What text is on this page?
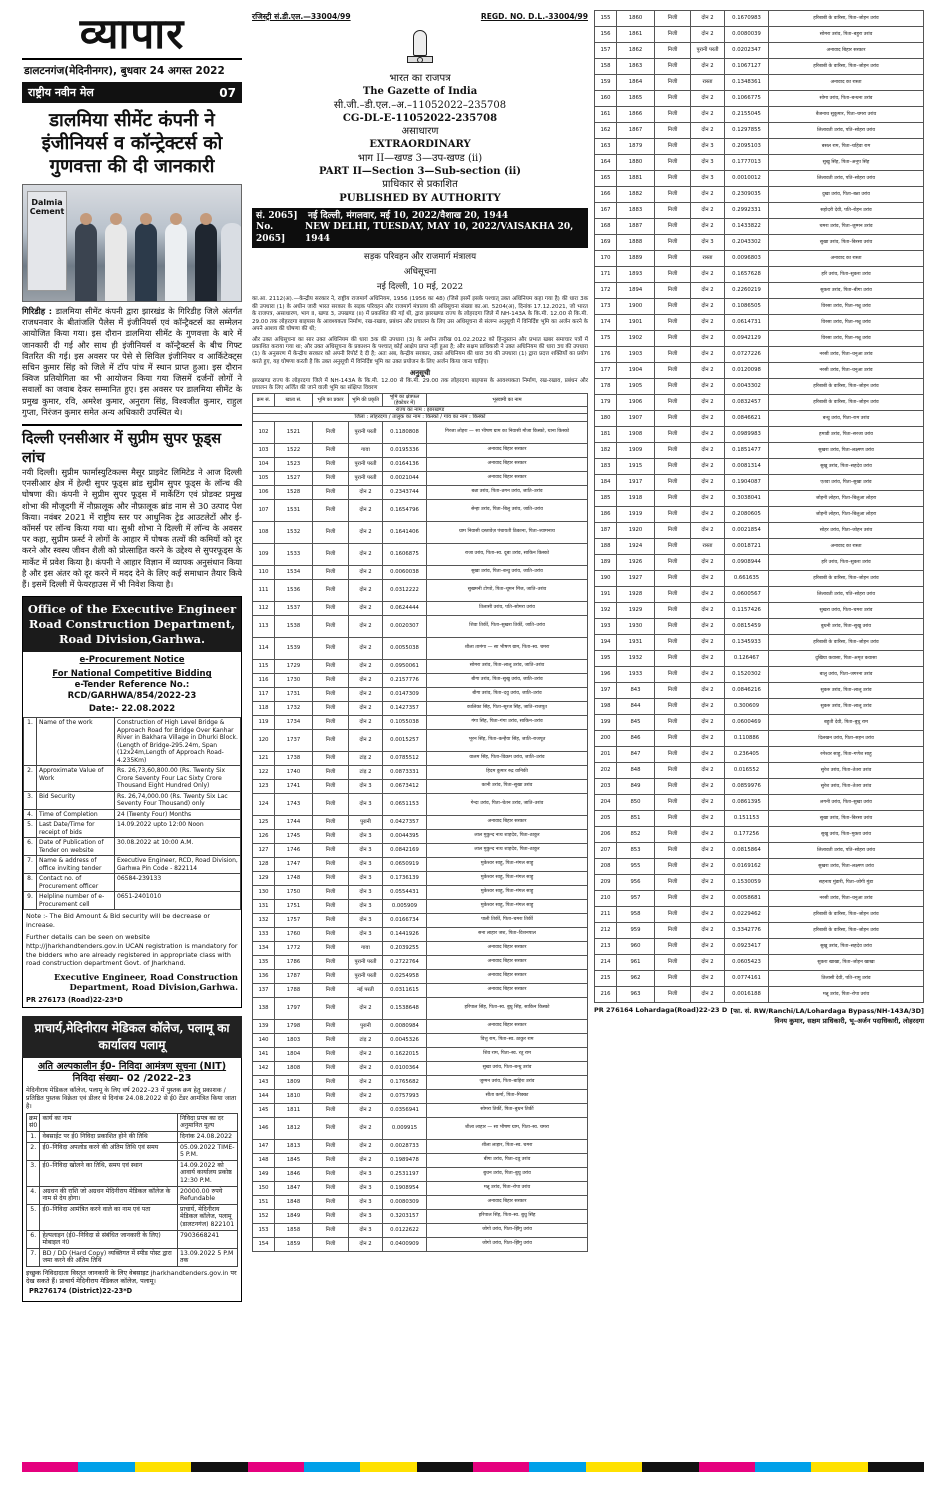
व्यापार
डालटनगंज(मेदिनीनगर), बुधवार 24 अगस्त 2022
राष्ट्रीय नवीन मेल	07
डालमिया सीमेंट कंपनी ने इंजीनियर्स व कॉन्ट्रेक्टर्स को गुणवत्ता की दी जानकारी
Dalmia Cement
गिरिडीह : डालमिया सीमेंट कंपनी द्वारा झारखंड के गिरिडीह जिले अंतर्गत राजधनवार के बीतांजलि पैलेस में इंजीनियर्स एवं कॉन्ट्रैक्टर्स का सम्मेलन आयोजित किया गया। इस दौरान डालमिया सीमेंट के गुणवत्ता के बारे में जानकारी दी गई और साथ ही इंजीनियर्स व कॉन्ट्रैक्टर्स के बीच गिफ्ट वितरित की गई। इस अवसर पर पेसे से सिविल इंजीनियर व आर्किटेक्ट्स सचिन कुमार सिंह को जिले में टॉप पांच में स्थान प्राप्त हुआ। इस दौरान क्विज प्रतियोगिता का भी आयोजन किया गया जिसमें दर्जनों लोगों ने सवालों का जवाब देकर सम्मानित हुए। इस अवसर पर डालमिया सीमेंट के प्रमुख कुमार, रवि, अमरेश कुमार, अनुराग सिंह, विश्वजीत कुमार, राहुल गुप्ता, निरंजन कुमार समेत अन्य अधिकारी उपस्थित थे।
दिल्ली एनसीआर में सुप्रीम सुपर फूड्स लांच
नयी दिल्ली। सुप्रीम फार्मास्युटिकल्स मैसूर प्राइवेट लिमिटेड ने आज दिल्ली एनसीआर क्षेत्र में हेल्दी सुपर फूड्स ब्रांड सुप्रीम सुपर फूड्स के लॉन्च की घोषणा की। कंपनी ने सुप्रीम सुपर फूड्स में मार्केटिंग एवं प्रोडक्ट प्रमुख शोभा की मौजूदगी में नौफ़ालूक और नौफ़ालूक ब्रांड नाम से 30 उत्पाद पेश किया। नवंबर 2021 में राष्ट्रीय स्तर पर आधुनिक ट्रेड आउटलेटों और ई-कॉमर्स पर लॉन्च किया गया था। सुश्री शोभा ने दिल्ली में लॉन्च के अवसर पर कहा, सुप्रीम फ़र्स्ट ने लोगों के आहार में पोषक तत्वों की कमियों को दूर करने और स्वस्थ जीवन शैली को प्रोत्साहित करने के उद्देश्य से सुपरफूड्स के मार्केट में प्रवेश किया है। कंपनी ने आहार विज्ञान में व्यापक अनुसंधान किया है और इस अंतर को दूर करने में मदद देने के लिए कई समाधान तैयार किये हैं। इसमें दिल्ली में फेयरहाउस में भी निवेश किया है।
Office of the Executive Engineer Road Construction Department, Road Division,Garhwa.
e-Procurement Notice
For National Competitive Bidding
e-Tender Reference No.: RCD/GARHWA/854/2022-23
Date:- 22.08.2022
1.	Name of the work	Construction of High Level Bridge & Approach Road for Bridge Over Kanhar River in Bakhara Village in Dhurki Block.(Length of Bridge-295.24m, Span (12x24m,Length of Approach Road-4.235Km)
2.	Approximate Value of Work	Rs. 26,73,60,800.00 (Rs. Twenty Six Crore Seventy Four Lac Sixty Crore Thousand Eight Hundred Only)
3.	Bid Security	Rs. 26,74,000.00 (Rs. Twenty Six Lac Seventy Four Thousand) only
4.	Time of Completion	24 (Twenty Four) Months
5.	Last Date/Time for receipt of bids	14.09.2022 upto 12:00 Noon
6.	Date of Publication of Tender on website	30.08.2022 at 10:00 A.M.
7.	Name & address of office inviting tender	Executive Engineer, RCD, Road Division, Garhwa Pin Code - 822114
8.	Contact no. of Procurement officer	06584-239133
9.	Helpline number of e-Procurement cell	0651-2401010
Note :- The Bid Amount & Bid security will be decrease or increase.
Further details can be seen on website http://jharkhandtenders.gov.in UCAN registration is mandatory for the bidders who are already registered in appropriate class with road construction department Govt. of Jharkhand.
Executive Engineer, Road Construction Department, Road Division,Garhwa.
PR 276173 (Road)22-23*D
प्राचार्य,मेदिनीराय मेडिकल कॉलेज, पलामू का कार्यालय पलामू
अति अल्पकालीन ई0- निविदा आमंत्रण सूचना (NIT)
निविदा संख्या– 02 /2022–23
मेदिनीराय मेडिकल कॉलेज, पलामू के लिए वर्ष 2022–23 में पुस्तक क्रय हेतु प्रकाशक /प्रतिष्ठित पुस्तक विक्रेता एवं डीलर से दिनांक 24.08.2022 से ई0 टेंडर आमंत्रित किया जाता है।
क्रम सं0	कार्य का नाम	निविदा प्रपत्र का दर अनुमानित मूल्य
1.	वेबसाईट पर ई0 निविदा प्रकाशित होने की तिथि	दिनांक 24.08.2022
2.	ई0–निविदा अपलोड करने की अंतिम तिथि एवं समय	05.09.2022 TIME- 5 P.M.
3.	ई0–निविदा खोलने का तिथि, समय एवं स्थान	14.09.2022 को आवार्य कार्यालय प्रकोष्ठ 12:30 P.M.
4.	अग्रधन की राशि जो अग्रधन मेदिनीराय मेडिकल कॉलेज के नाम से देय होगा।	20000.00 रुपये Refundable
5.	ई0–निविदा आमंत्रित करने वाले का नाम एवं पता	प्राचार्य, मेदिनीराय मेडिकल कॉलेज, पलामू (डालटनगंज) 822101
6.	हेल्पलाइन (ई0–निविदा से संबंधित जानकारी के लिए) मोबाइल नं0	7903668241
7.	BD / DD (Hard Copy) व्यक्तिगत में स्पीड पोस्ट द्वारा जमा करने की अंतिम तिथि	13.09.2022 5 P.M तक
इच्छुक निविदादाता विस्तृत जानकारी के लिए वेबसाइट jharkhandtenders.gov.in पर देख सकते हैं। प्राचार्य मेदिनीराय मेडिकल कॉलेज, पलामू।
PR276174 (District)22-23*D
रजिस्ट्री सं.डी.एल.—33004/99	REGD. NO. D.L.-33004/99
भारत का राजपत्र
The Gazette of India
सी.जी.–डी.एल.–अ.–11052022–235708
CG-DL-E-11052022-235708
असाधारण
EXTRAORDINARY
भाग II—खण्ड 3—उप-खण्ड (ii)
PART II—Section 3—Sub-section (ii)
प्राधिकार से प्रकाशित
PUBLISHED BY AUTHORITY
सं. 2065]	नई दिल्ली, मंगलवार, मई 10, 2022/वैशाख 20, 1944
No. 2065]
NEW DELHI, TUESDAY, MAY 10, 2022/VAISAKHA 20, 1944
सड़क परिवहन और राजमार्ग मंत्रालय
अधिसूचना
नई दिल्ली, 10 मई, 2022
का.आ. 2112(अ).—केन्द्रीय सरकार ने, राष्ट्रीय राजमार्ग अधिनियम, 1956 (1956 का 48) (जिसे इसमें इसके पश्चात् उक्त अधिनियम कहा गया है) की धारा 3क की उपधारा (1) के अधीन जारी भारत सरकार के सड़क परिवहन और राजमार्ग मंत्रालय की अधिसूचना संख्या का.आ. 5204(अ), दिनांक 17.12.2021, जो भारत के राजपत्र, असाधारण, भाग II, खण्ड 3, उपखण्ड (ii) में प्रकाशित की गई थी, द्वारा झारखण्ड राज्य के लोहरदगा जिले में NH-143A के कि.मी. 12.00 से कि.मी. 29.00 तक लोहरदगा बाइपास के आवश्यकता निर्माण, रख-रखाव, प्रबंधन और प्रचालन के लिए उस अधिसूचना से संलग्न अनुसूची में विनिर्दिष्ट भूमि का अर्जन करने के अपने आशय की घोषणा की थी;
और उक्त अधिसूचना का सार उक्त अधिनियम की धारा 3क की उपधारा (3) के अधीन तारीख 01.02.2022 को हिन्दुस्तान और प्रभात खबर समाचार पत्रों में प्रकाशित कराया गया था; और उक्त अधिसूचना के प्रकाशन के पश्चात् कोई आक्षेप प्राप्त नहीं हुआ है; और सक्षम प्राधिकारी ने उक्त अधिनियम की धारा 3घ की उपधारा (1) के अनुसरण में केन्द्रीय सरकार को अपनी रिपोर्ट दे दी है; अतः अब, केन्द्रीय सरकार, उक्त अधिनियम की धारा 3घ की उपधारा (1) द्वारा प्रदत्त शक्तियों का प्रयोग करते हुए, यह घोषणा करती है कि उक्त अनुसूची में विनिर्दिष्ट भूमि का उक्त प्रयोजन के लिए अर्जन किया जाना चाहिए।
अनुसूची
झारखण्ड राज्य के लोहरदगा जिले में NH-143A के कि.मी. 12.00 से कि.मी. 29.00 तक लोहरदगा बाइपास के आवश्यकता निर्माण, रख-रखाव, प्रबंधन और प्रचालन के लिए अर्जित की जाने वाली भूमि का संक्षिप्त विवरण
क्रम सं.	खाता सं.	भूमि का प्रकार	भूमि की प्रकृति	भूमि का क्षेत्रफल (हेक्टेयर में)	भूस्वामी का नाम
राज्य का नाम : झारखण्ड					
जिला : लोहरदगा / तालुक का नाम : किस्को / गांव का नाम : किस्को					
102	1521	निजी	पुरानी परती	0.1180808	गिरजा लोहरा — सा भीषण ग्राम का निवासी मौजा किस्को, थाना किस्को
103	1522	निजी	गावा	0.0195336	अनावाद बिहार सरकार
104	1523	निजी	पुरानी परती	0.0164136	अनावाद बिहार सरकार
105	1527	निजी	पुरानी परती	0.0021044	अनावाद बिहार सरकार
106	1528	निजी	दोन 2	0.2343744	बन्ना उरांव, पिता–ठगन उरांव, जाति–उरांव
107	1531	निजी	दोन 2	0.1654796	सेन्हा उरांव, पिता–बिलु उरांव, जाति–उरांव
108	1532	निजी	दोन 2	0.1641406	ग्राम निवासी दस्तावेज़ पंचायती ठिकाना, पिता–श्यामनाथ
109	1533	निजी	दोन 2	0.1606875	राजा उरांव, पिता–स्व. दूबा उरांव, साकिन किस्को
110	1534	निजी	दोन 2	0.0060038	सुखा उरांव, पिता–बन्धु उरांव, जाति–उरांव
111	1536	निजी	दोन 2	0.0312222	सुखमनी टोप्पो, पिता–चूमन मिंज, जाति–उरांव
112	1537	निजी	दोन 2	0.0624444	तिलासी उरांव, पति–सोमरा उरांव
113	1538	निजी	दोन 2	0.0020307	शिवा तिर्की, पिता–सुखरा तिर्की, जाति–उरांव
114	1539	निजी	दोन 2	0.0055038	शीला तामंगा — सा भीषण ग्राम, पिता–स्व. चमरा
115	1729	निजी	दोन 2	0.0950061	सोमरा उरांव, पिता–लालू उरांव, जाति–उरांव
116	1730	निजी	दोन 2	0.2157776	बीगा उरांव, पिता–सुखु उरांव, जाति–उरांव
117	1731	निजी	दोन 2	0.0147309	बीगा उरांव, पिता–दवु उरांव, जाति–उरांव
118	1732	निजी	दोन 2	0.1427357	कालिका सिंह, पिता–सूरज सिंह, जाति–राजपूत
119	1734	निजी	दोन 2	0.1055038	गंगा सिंह, पिता–गंगा उरांव, साकिन–उरांव
120	1737	निजी	दोन 2	0.0015257	भूरन सिंह, पिता–कन्हैया सिंह, जाति–राजपूत
121	1738	निजी	टांड़ 2	0.0785512	वालम सिंह, पिता–विक्रम उरांव, जाति–उरांव
122	1740	निजी	टांड़ 2	0.0873331	हिदम कुमार रुद्र वानिकी
123	1741	निजी	दोन 3	0.0673412	कानी उरांव, पिता–सुखा उरांव
124	1743	निजी	दोन 3	0.0651153	गेन्दा उरांव, पिता–चेतन उरांव, जाति–उरांव
125	1744	निजी	पुरानी	0.0427357	अनावाद बिहार सरकार
126	1745	निजी	दोन 3	0.0044395	लाल मुकुन्द नाथ शाहदेव, पिता–ठाकुर
127	1746	निजी	दोन 3	0.0842169	लाल मुकुन्द नाथ शाहदेव, पिता–ठाकुर
128	1747	निजी	दोन 3	0.0650919	मुकेश्वर साहु, पिता–मंगल साहु
129	1748	निजी	दोन 3	0.1736139	मुकेश्वर साहु, पिता–मंगल साहु
130	1750	निजी	दोन 3	0.0554431	मुकेश्वर साहु, पिता–मंगल साहु
131	1751	निजी	दोन 3	0.005909	मुकेश्वर साहु, पिता–मंगल साहु
132	1757	निजी	दोन 3	0.0166734	पाली तिर्की, पिता–चमरा तिर्की
133	1760	निजी	दोन 3	0.1441926	सना लाहार जश, पिता–विशनपाल
134	1772	निजी	गावा	0.2039255	अनावाद बिहार सरकार
135	1786	निजी	पुरानी परती	0.2722764	अनावाद बिहार सरकार
136	1787	निजी	पुरानी परती	0.0254958	अनावाद बिहार सरकार
137	1788	निजी	नई परती	0.0311615	अनावाद बिहार सरकार
138	1797	निजी	दोन 2	0.1538648	हरिपाल सिंह, पिता–स्व. बुधु सिंह, साकिन किस्को
139	1798	निजी	पुरानी	0.0080984	अनावाद बिहार सरकार
140	1803	निजी	टांड़ 2	0.0045326	वित्तु राम, पिता–स्व. ठाकुर राम
141	1804	निजी	दोन 2	0.1622015	शिव राम, पिता–स्व. रतु राम
142	1808	निजी	दोन 2	0.0100364	सुखा उरांव, पिता–बन्धु उरांव
143	1809	निजी	दोन 2	0.1765682	जुम्मन उरांव, पिता–बाहिरा उरांव
144	1810	निजी	दोन 2	0.0757993	सीता कर्मा, पिता–मिक्‍का
145	1811	निजी	दोन 2	0.0356941	सोमरा तिर्की, पिता–बुधन तिर्की
146	1812	निजी	दोन 2	0.009915	शीला लाहार — सा भीषण ग्राम, पिता–स्व. चमरा
147	1813	निजी	दोन 2	0.0028733	शीला लाहार, पिता–स्व. चमरा
148	1845	निजी	दोन 2	0.1989478	बीगा उरांव, पिता–दवु उरांव
149	1846	निजी	दोन 3	0.2531197	बुधन उरांव, पिता–बुधु उरांव
150	1847	निजी	दोन 3	0.1908954	मन्नू उरांव, पिता–रोपा उरांव
151	1848	निजी	दोन 3	0.0080309	अनावाद बिहार सरकार
152	1849	निजी	दोन 3	0.3203157	हरिपाल सिंह, पिता–स्व. बुधु सिंह
153	1858	निजी	दोन 3	0.0122622	जोगो उरांव, पिता–झिंगु उरांव
154	1859	निजी	दोन 2	0.0400909	जोगो उरांव, पिता–झिंगु उरांव
155	1860	निजी	दोन 2	0.1670983	हरिबाबी के वारिसा, पिता–जोहन उरांव
156	1861	निजी	दोन 2	0.0080039	सोमरा उरांव, पिता–बहुरा उरांव
157	1862	निजी	पुरानी परती	0.0202347	अनावाद बिहार सरकार
158	1863	निजी	दोन 2	0.1067127	हरिबाबी के वारिसा, पिता–जोहन उरांव
159	1864	निजी	रास्ता	0.1348361	अनावाद का रास्ता
160	1865	निजी	दोन 2	0.1066775	सोमा उरांव, पिता–बन्धना उरांव
161	1866	निजी	दोन 2	0.2155045	बैजनाथ सुकुमार, पिता–चमरा उरांव
162	1867	निजी	दोन 2	0.1297855	लिलावती उरांव, पति–सोहरा उरांव
163	1879	निजी	दोन 3	0.2095103	बसल राम, पिता–चहिवा राम
164	1880	निजी	दोन 3	0.1777013	सुखु सिंह, पिता–अनूप सिंह
165	1881	निजी	दोन 3	0.0010012	लिलावती उरांव, पति–सोहरा उरांव
166	1882	निजी	दोन 2	0.2309035	दुखा उरांव, पिता–बन्ना उरांव
167	1883	निजी	दोन 2	0.2992331	सहोदरी देवी, पति–रोहन उरांव
168	1887	निजी	दोन 2	0.1433822	चमरा उरांव, पिता–जुम्मन उरांव
169	1888	निजी	दोन 3	0.2043302	सुखा उरांव, पिता–बिरसा उरांव
170	1889	निजी	रास्ता	0.0096803	अनावाद का रास्ता
171	1893	निजी	दोन 2	0.1657628	हरि उरांव, पिता–सुकरा उरांव
172	1894	निजी	दोन 2	0.2260219	सुकरा उरांव, पिता–बीगा उरांव
173	1900	निजी	दोन 2	0.1086505	विरसा उरांव, पिता–मन्नू उरांव
174	1901	निजी	दोन 2	0.0614731	विरसा उरांव, पिता–मन्नू उरांव
175	1902	निजी	दोन 2	0.0942129	विरसा उरांव, पिता–मन्नू उरांव
176	1903	निजी	दोन 2	0.0727226	नरसी उरांव, पिता–धनुआ उरांव
177	1904	निजी	दोन 2	0.0120098	नरसी उरांव, पिता–धनुआ उरांव
178	1905	निजी	दोन 2	0.0043302	हरिबाबी के वारिसा, पिता–जोहन उरांव
179	1906	निजी	दोन 2	0.0832457	हरिबाबी के वारिसा, पिता–जोहन उरांव
180	1907	निजी	दोन 2	0.0846621	बन्धु उरांव, पिता–राम उरांव
181	1908	निजी	दोन 2	0.0989983	हमाडी उरांव, पिता–सरजा उरांव
182	1909	निजी	दोन 2	0.1851477	सुखरा उरांव, पिता–लक्ष्मण उरांव
183	1915	निजी	दोन 2	0.0081314	सुखु उरांव, पिता–सहदेव उरांव
184	1917	निजी	दोन 2	0.1904087	एतवा उरांव, पिता–सुखा उरांव
185	1918	निजी	दोन 2	0.3038041	जोहनी लोहरा, पिता–बिलुआ लोहरा
186	1919	निजी	दोन 2	0.2080605	जोहनी लोहरा, पिता–बिलुआ लोहरा
187	1920	निजी	दोन 2	0.0021854	सोहर उरांव, पिता–जोहन उरांव
188	1924	निजी	रास्ता	0.0018721	अनावाद का रास्ता
189	1926	निजी	दोन 2	0.0908944	हरि उरांव, पिता–सुकरा उरांव
190	1927	निजी	दोन 2	0.661635	हरिबाबी के वारिसा, पिता–जोहन उरांव
191	1928	निजी	दोन 2	0.0600567	लिलावती उरांव, पति–सोहरा उरांव
192	1929	निजी	दोन 2	0.1157426	सुखरा उरांव, पिता–चमरा उरांव
193	1930	निजी	दोन 2	0.0815459	बुधनी उरांव, पिता–सुखु उरांव
194	1931	निजी	दोन 2	0.1345933	हरिबाबी के वारिसा, पिता–जोहन उरांव
195	1932	निजी	दोन 2	0.126467	दुखिया कवासा, पिता–अमृत कवासा
196	1933	निजी	दोन 2	0.1520302	बालु उरांव, पिता–जगरना उरांव
197	843	निजी	दोन 2	0.0846216	सुकरु उरांव, पिता–लालू उरांव
198	844	निजी	दोन 2	0.300609	सुकरु उरांव, पिता–लालू उरांव
199	845	निजी	दोन 2	0.0600469	बहुती देवी, पिता–बुधु राम
200	846	निजी	दोन 2	0.110886	दिलखन उरांव, पिता–सहन उरांव
201	847	निजी	दोन 2	0.236405	रमेश्वर साहु, पिता–गणेश साहु
202	848	निजी	दोन 2	0.016552	सुरेश उरांव, पिता–तेतरा उरांव
203	849	निजी	दोन 2	0.0859976	सुरेश उरांव, पिता–तेतरा उरांव
204	850	निजी	दोन 2	0.0861395	लगनी उरांव, पिता–सुखा उरांव
205	851	निजी	दोन 2	0.151153	सुखा उरांव, पिता–बिरसा उरांव
206	852	निजी	दोन 2	0.177256	सुखु उरांव, पिता–मुक्ता उरांव
207	853	निजी	दोन 2	0.0815864	लिलावती उरांव, पति–सोहरा उरांव
208	955	निजी	दोन 2	0.0169162	सुखरा उरांव, पिता–लक्ष्मण उरांव
209	956	निजी	दोन 2	0.1530059	सहनाय मुंडारी, पिता–जोगी मुंडा
210	957	निजी	दोन 2	0.0058681	नरसी उरांव, पिता–धनुआ उरांव
211	958	निजी	दोन 2	0.0229462	हरिबाबी के वारिसा, पिता–जोहन उरांव
212	959	निजी	दोन 2	0.3342776	हरिबाबी के वारिसा, पिता–जोहन उरांव
213	960	निजी	दोन 2	0.0923417	सुखु उरांव, पिता–सहदेव उरांव
214	961	निजी	दोन 2	0.0605423	सुकरा खाखा, पिता–जोहन खाखा
215	962	निजी	दोन 2	0.0774161	तिलासी देवी, पति–रामु उरांव
216	963	निजी	दोन 2	0.0016188	मन्नू उरांव, पिता–रोपा उरांव
PR 276164 Lohardaga(Road)22-23 D [फा. सं. RW/Ranchi/LA/Lohardaga Bypass/NH-143A/3D]
विनय कुमार, सक्षम प्राधिकारी, भू–अर्जन पदाधिकारी, लोहरदगा
